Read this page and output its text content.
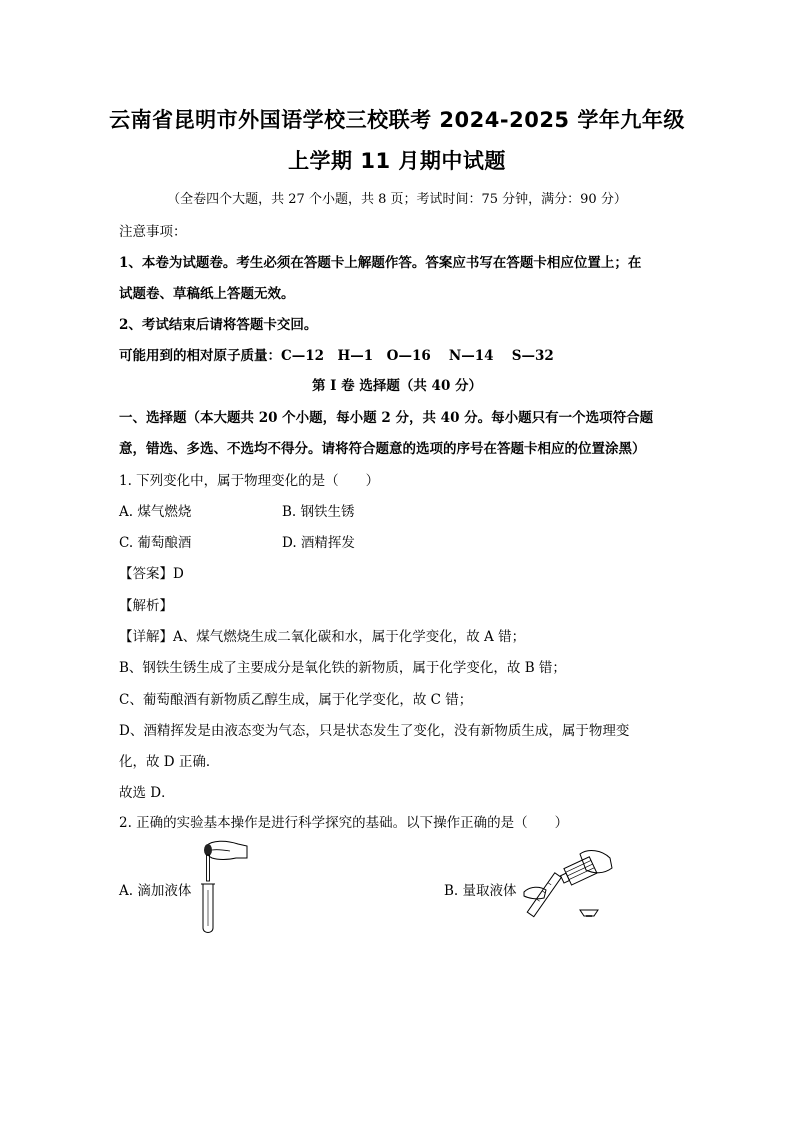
云南省昆明市外国语学校三校联考 2024-2025 学年九年级
上学期 11 月期中试题
（全卷四个大题，共 27 个小题，共 8 页；考试时间：75 分钟，满分：90 分）
注意事项：
1、本卷为试题卷。考生必须在答题卡上解题作答。答案应书写在答题卡相应位置上；在
试题卷、草稿纸上答题无效。
2、考试结束后请将答题卡交回。
可能用到的相对原子质量：C—12　H—1　O—16　 N—14　 S—32
第 I 卷 选择题（共 40 分）
一、选择题（本大题共 20 个小题，每小题 2 分，共 40 分。每小题只有一个选项符合题
意，错选、多选、不选均不得分。请将符合题意的选项的序号在答题卡相应的位置涂黑）
1. 下列变化中，属于物理变化的是（　　）
A. 煤气燃烧	B. 钢铁生锈
C. 葡萄酿酒	D. 酒精挥发
【答案】D
【解析】
【详解】A、煤气燃烧生成二氧化碳和水，属于化学变化，故 A 错；
B、钢铁生锈生成了主要成分是氧化铁的新物质，属于化学变化，故 B 错；
C、葡萄酿酒有新物质乙醇生成，属于化学变化，故 C 错；
D、酒精挥发是由液态变为气态，只是状态发生了变化，没有新物质生成，属于物理变
化，故 D 正确．
故选 D．
2. 正确的实验基本操作是进行科学探究的基础。以下操作正确的是（　　）
A. 滴加液体	B. 量取液体
